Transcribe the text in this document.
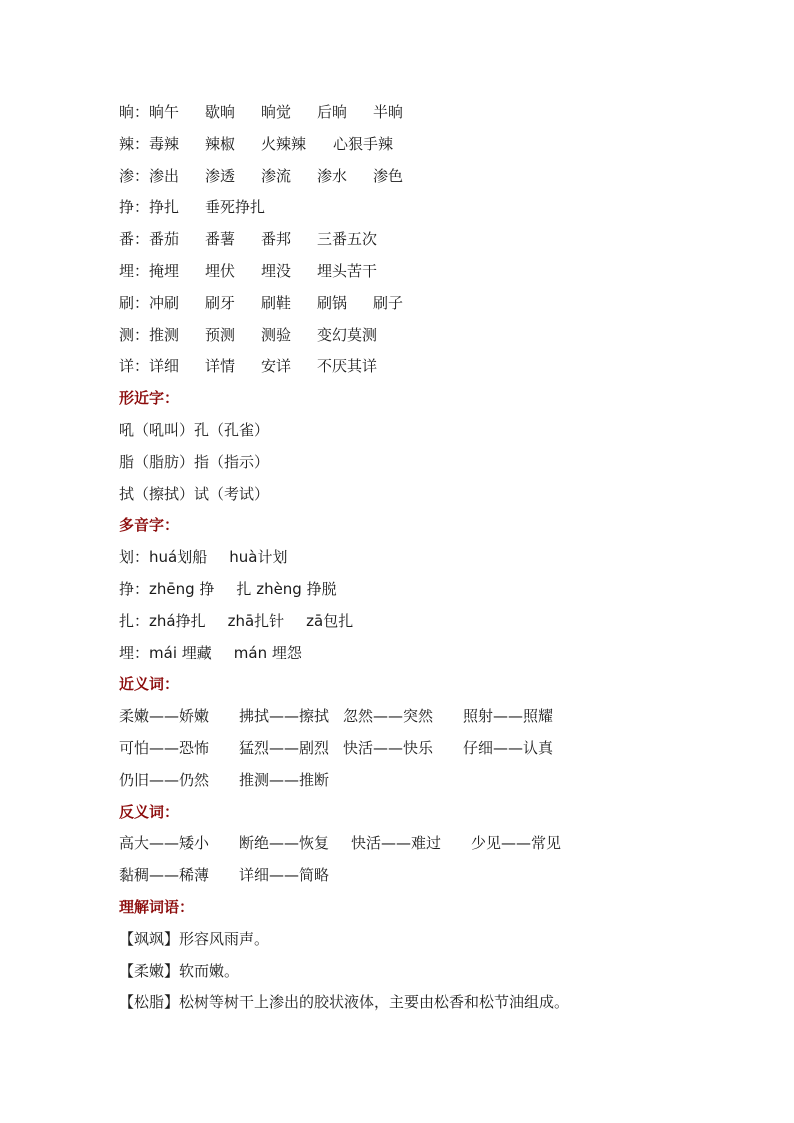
晌：晌午 歇晌 晌觉 后晌 半晌
辣：毒辣 辣椒 火辣辣 心狠手辣
渗：渗出 渗透 渗流 渗水 渗色
挣：挣扎 垂死挣扎
番：番茄 番薯 番邦 三番五次
埋：掩埋 埋伏 埋没 埋头苦干
刷：冲刷 刷牙 刷鞋 刷锅 刷子
测：推测 预测 测验 变幻莫测
详：详细 详情 安详 不厌其详
形近字：
吼（吼叫）孔（孔雀）
脂（脂肪）指（指示）
拭（擦拭）试（考试）
多音字：
划：huá划船 huà计划
挣：zhēng 挣 扎 zhèng 挣脱
扎：zhá挣扎 zhā扎针 zā包扎
埋：mái 埋藏 mán 埋怨
近义词：
柔嫩——娇嫩 拂拭——擦拭 忽然——突然 照射——照耀
可怕——恐怖 猛烈——剧烈 快活——快乐 仔细——认真
仍旧——仍然 推测——推断
反义词：
高大——矮小 断绝——恢复 快活——难过 少见——常见
黏稠——稀薄 详细——简略
理解词语：
【飒飒】形容风雨声。
【柔嫩】软而嫩。
【松脂】松树等树干上渗出的胶状液体，主要由松香和松节油组成。
